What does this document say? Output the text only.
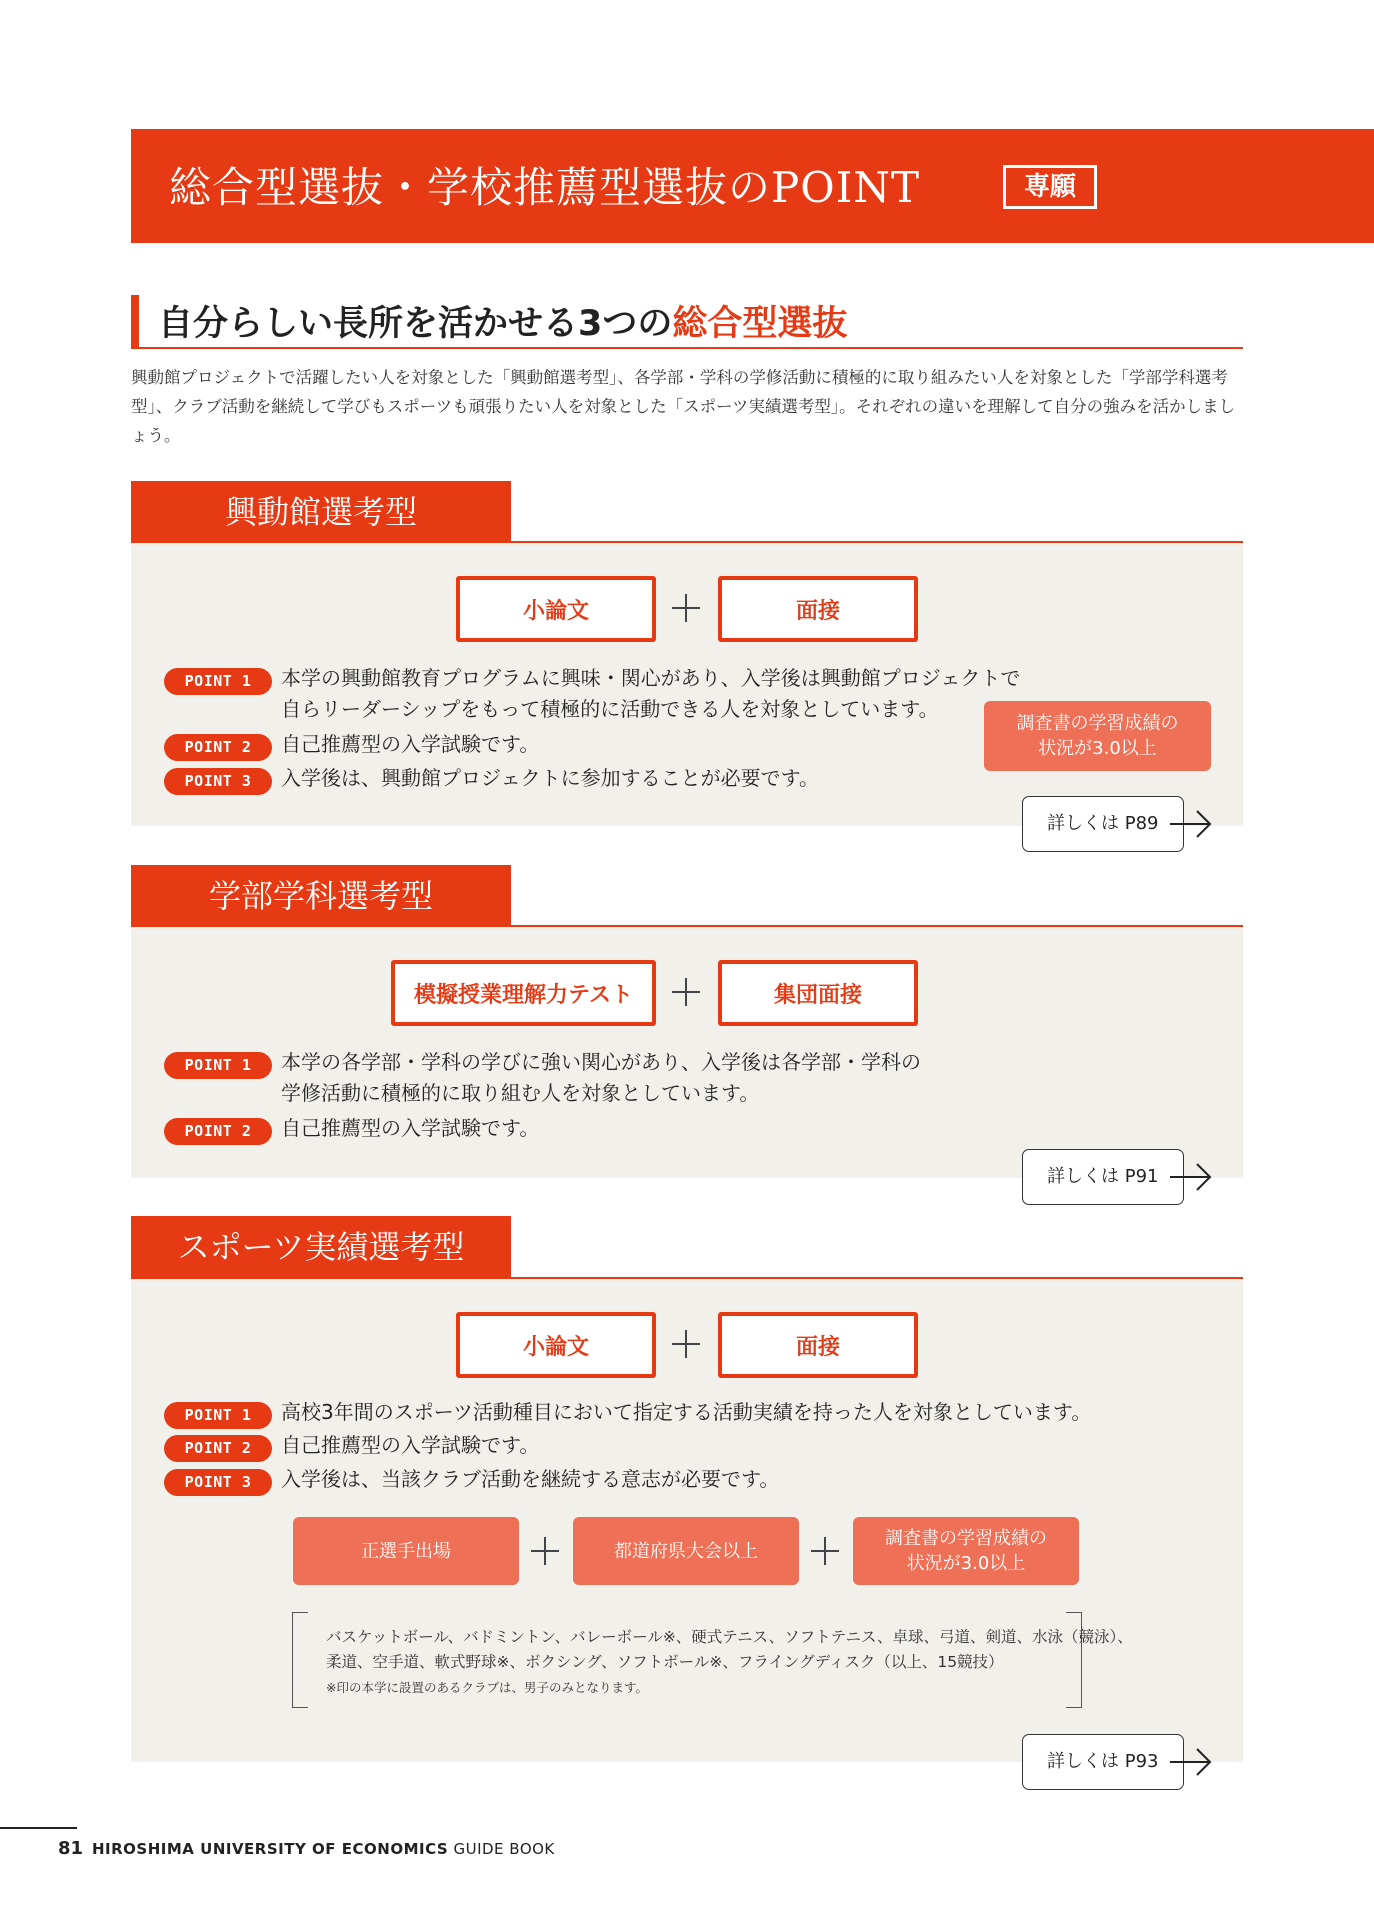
総合型選抜・学校推薦型選抜のPOINT	専願
自分らしい長所を活かせる3つの総合型選抜
興動館プロジェクトで活躍したい人を対象とした「興動館選考型」、各学部・学科の学修活動に積極的に取り組みたい人を対象とした「学部学科選考型」、クラブ活動を継続して学びもスポーツも頑張りたい人を対象とした「スポーツ実績選考型」。それぞれの違いを理解して自分の強みを活かしましょう。
興動館選考型
小論文	面接
POINT 1	本学の興動館教育プログラムに興味・関心があり、入学後は興動館プロジェクトで
自らリーダーシップをもって積極的に活動できる人を対象としています。
POINT 2	自己推薦型の入学試験です。
POINT 3	入学後は、興動館プロジェクトに参加することが必要です。
調査書の学習成績の
状況が3.0以上
詳しくは P89
学部学科選考型
模擬授業理解力テスト	集団面接
POINT 1	本学の各学部・学科の学びに強い関心があり、入学後は各学部・学科の
学修活動に積極的に取り組む人を対象としています。
POINT 2	自己推薦型の入学試験です。
詳しくは P91
スポーツ実績選考型
小論文	面接
POINT 1	高校3年間のスポーツ活動種目において指定する活動実績を持った人を対象としています。
POINT 2	自己推薦型の入学試験です。
POINT 3	入学後は、当該クラブ活動を継続する意志が必要です。
正選手出場	都道府県大会以上
調査書の学習成績の
状況が3.0以上
バスケットボール、バドミントン、バレーボール※、硬式テニス、ソフトテニス、卓球、弓道、剣道、水泳（競泳）、
柔道、空手道、軟式野球※、ボクシング、ソフトボール※、フライングディスク（以上、15競技）
※印の本学に設置のあるクラブは、男子のみとなります。
詳しくは P93
81 HIROSHIMA UNIVERSITY OF ECONOMICS GUIDE BOOK
